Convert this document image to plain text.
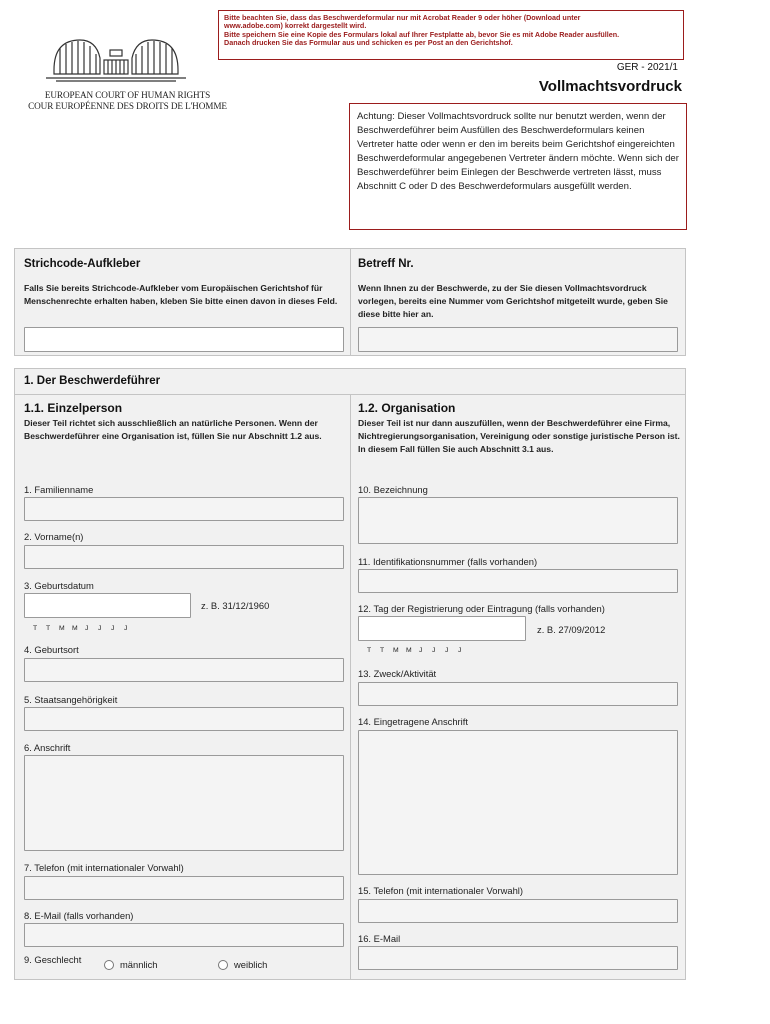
Bitte beachten Sie, dass das Beschwerdeformular nur mit Acrobat Reader 9 oder höher (Download unter
www.adobe.com) korrekt dargestellt wird.
Bitte speichern Sie eine Kopie des Formulars lokal auf Ihrer Festplatte ab, bevor Sie es mit Adobe Reader ausfüllen.
Danach drucken Sie das Formular aus und schicken es per Post an den Gerichtshof.
EUROPEAN COURT OF HUMAN RIGHTS
COUR EUROPÉENNE DES DROITS DE L'HOMME
GER - 2021/1
Vollmachtsvordruck
Achtung: Dieser Vollmachtsvordruck sollte nur benutzt werden, wenn der Beschwerdeführer beim Ausfüllen des Beschwerdeformulars keinen Vertreter hatte oder wenn er den im bereits beim Gerichtshof eingereichten Beschwerdeformular angegebenen Vertreter ändern möchte. Wenn sich der Beschwerdeführer beim Einlegen der Beschwerde vertreten lässt, muss Abschnitt C oder D des Beschwerdeformulars ausgefüllt werden.
Strichcode-Aufkleber
Falls Sie bereits Strichcode-Aufkleber vom Europäischen Gerichtshof für Menschenrechte erhalten haben, kleben Sie bitte einen davon in dieses Feld.
Betreff Nr.
Wenn Ihnen zu der Beschwerde, zu der Sie diesen Vollmachtsvordruck vorlegen, bereits eine Nummer vom Gerichtshof mitgeteilt wurde, geben Sie diese bitte hier an.
1. Der Beschwerdeführer
1.1. Einzelperson
Dieser Teil richtet sich ausschließlich an natürliche Personen. Wenn der Beschwerdeführer eine Organisation ist, füllen Sie nur Abschnitt 1.2 aus.
1. Familienname
2. Vorname(n)
3. Geburtsdatum
z. B. 31/12/1960
T T M M J J J J
4. Geburtsort
5. Staatsangehörigkeit
6. Anschrift
7. Telefon (mit internationaler Vorwahl)
8. E-Mail (falls vorhanden)
9. Geschlecht	männlich	weiblich
1.2. Organisation
Dieser Teil ist nur dann auszufüllen, wenn der Beschwerdeführer eine Firma, Nichtregierungsorganisation, Vereinigung oder sonstige juristische Person ist. In diesem Fall füllen Sie auch Abschnitt 3.1 aus.
10. Bezeichnung
11. Identifikationsnummer (falls vorhanden)
12. Tag der Registrierung oder Eintragung (falls vorhanden)
z. B. 27/09/2012
T T M M J J J J
13. Zweck/Aktivität
14. Eingetragene Anschrift
15. Telefon (mit internationaler Vorwahl)
16. E-Mail
